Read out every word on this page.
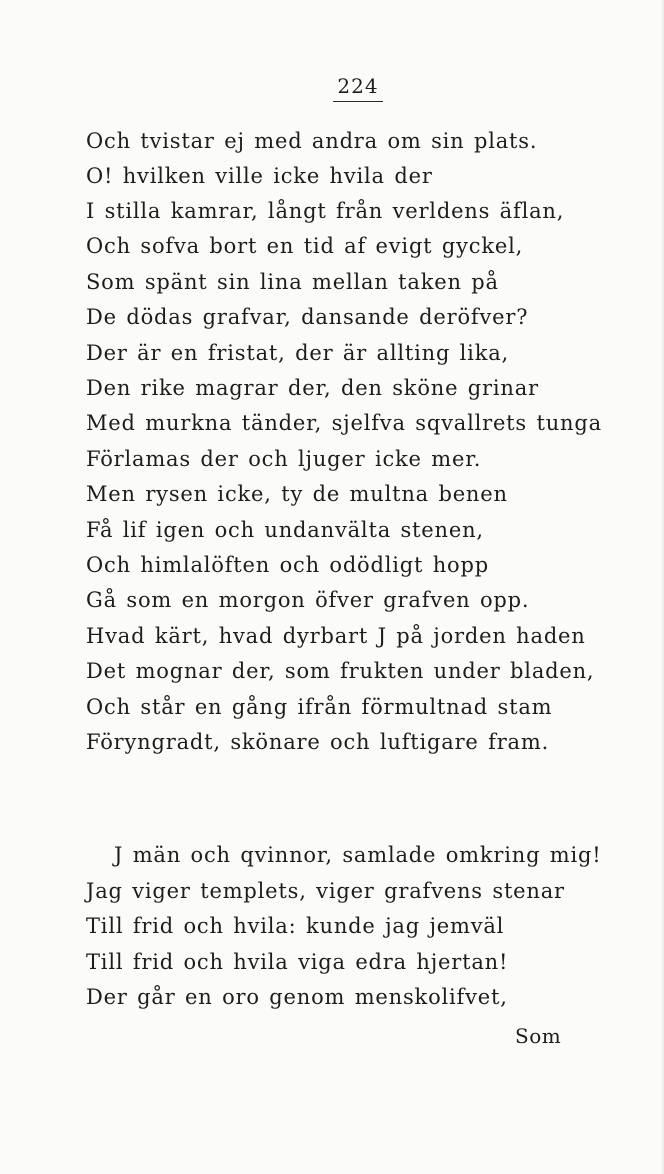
224
Och tvistar ej med andra om sin plats.
O! hvilken ville icke hvila der
I stilla kamrar, långt från verldens äflan,
Och sofva bort en tid af evigt gyckel,
Som spänt sin lina mellan taken på
De dödas grafvar, dansande deröfver?
Der är en fristat, der är allting lika,
Den rike magrar der, den sköne grinar
Med murkna tänder, sjelfva sqvallrets tunga
Förlamas der och ljuger icke mer.
Men rysen icke, ty de multna benen
Få lif igen och undanvälta stenen,
Och himlalöften och odödligt hopp
Gå som en morgon öfver grafven opp.
Hvad kärt, hvad dyrbart J på jorden haden
Det mognar der, som frukten under bladen,
Och står en gång ifrån förmultnad stam
Föryngradt, skönare och luftigare fram.
J män och qvinnor, samlade omkring mig!
Jag viger templets, viger grafvens stenar
Till frid och hvila: kunde jag jemväl
Till frid och hvila viga edra hjertan!
Der går en oro genom menskolifvet,
Som
